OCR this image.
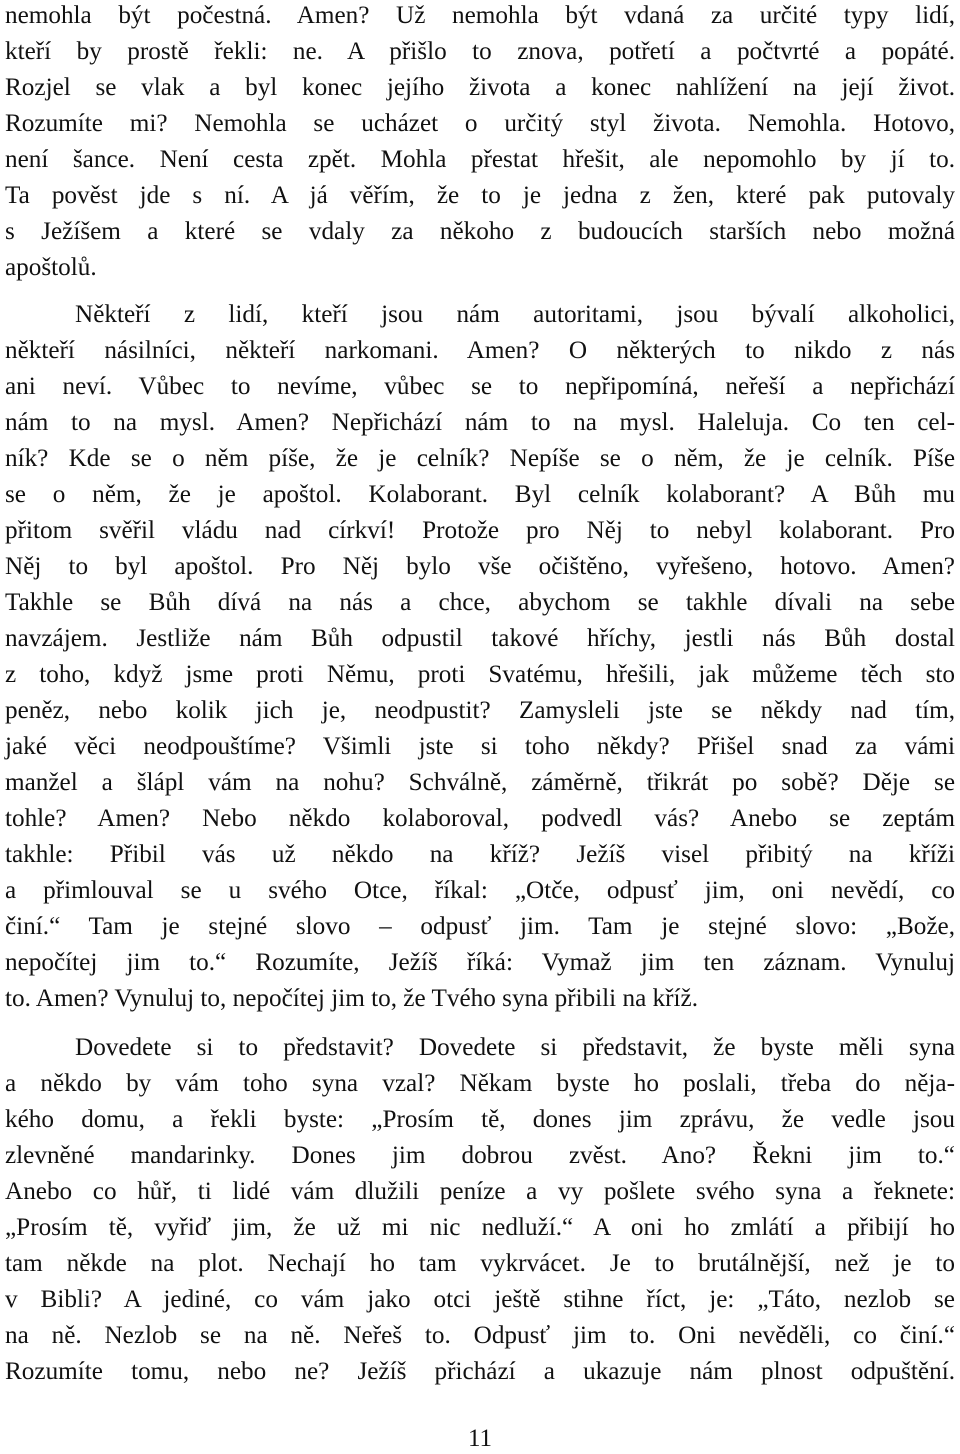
nemohla být počestná. Amen? Už nemohla být vdaná za určité typy lidí,
kteří by prostě řekli: ne. A přišlo to znova, potřetí a počtvrté a popáté.
Rozjel se vlak a byl konec jejího života a konec nahlížení na její život.
Rozumíte mi? Nemohla se ucházet o určitý styl života. Nemohla. Hotovo,
není šance. Není cesta zpět. Mohla přestat hřešit, ale nepomohlo by jí to.
Ta pověst jde s ní. A já věřím, že to je jedna z žen, které pak putovaly
s Ježíšem a které se vdaly za někoho z budoucích starších nebo možná
apoštolů.
Někteří z lidí, kteří jsou nám autoritami, jsou bývalí alkoholici,
někteří násilníci, někteří narkomani. Amen? O některých to nikdo z nás
ani neví. Vůbec to nevíme, vůbec se to nepřipomíná, neřeší a nepřichází
nám to na mysl. Amen? Nepřichází nám to na mysl. Haleluja. Co ten cel-
ník? Kde se o něm píše, že je celník? Nepíše se o něm, že je celník. Píše
se o něm, že je apoštol. Kolaborant. Byl celník kolaborant? A Bůh mu
přitom svěřil vládu nad církví! Protože pro Něj to nebyl kolaborant. Pro
Něj to byl apoštol. Pro Něj bylo vše očištěno, vyřešeno, hotovo. Amen?
Takhle se Bůh dívá na nás a chce, abychom se takhle dívali na sebe
navzájem. Jestliže nám Bůh odpustil takové hříchy, jestli nás Bůh dostal
z toho, když jsme proti Němu, proti Svatému, hřešili, jak můžeme těch sto
peněz, nebo kolik jich je, neodpustit? Zamysleli jste se někdy nad tím,
jaké věci neodpouštíme? Všimli jste si toho někdy? Přišel snad za vámi
manžel a šlápl vám na nohu? Schválně, záměrně, třikrát po sobě? Děje se
tohle? Amen? Nebo někdo kolaboroval, podvedl vás? Anebo se zeptám
takhle: Přibil vás už někdo na kříž? Ježíš visel přibitý na kříži
a přimlouval se u svého Otce, říkal: „Otče, odpusť jim, oni nevědí, co
činí.“ Tam je stejné slovo – odpusť jim. Tam je stejné slovo: „Bože,
nepočítej jim to.“ Rozumíte, Ježíš říká: Vymaž jim ten záznam. Vynuluj
to. Amen? Vynuluj to, nepočítej jim to, že Tvého syna přibili na kříž.
Dovedete si to představit? Dovedete si představit, že byste měli syna
a někdo by vám toho syna vzal? Někam byste ho poslali, třeba do něja-
kého domu, a řekli byste: „Prosím tě, dones jim zprávu, že vedle jsou
zlevněné mandarinky. Dones jim dobrou zvěst. Ano? Řekni jim to.“
Anebo co hůř, ti lidé vám dlužili peníze a vy pošlete svého syna a řeknete:
„Prosím tě, vyřiď jim, že už mi nic nedluží.“ A oni ho zmlátí a přibijí ho
tam někde na plot. Nechají ho tam vykrvácet. Je to brutálnější, než je to
v Bibli? A jediné, co vám jako otci ještě stihne říct, je: „Táto, nezlob se
na ně. Nezlob se na ně. Neřeš to. Odpusť jim to. Oni nevěděli, co činí.“
Rozumíte tomu, nebo ne? Ježíš přichází a ukazuje nám plnost odpuštění.
11
